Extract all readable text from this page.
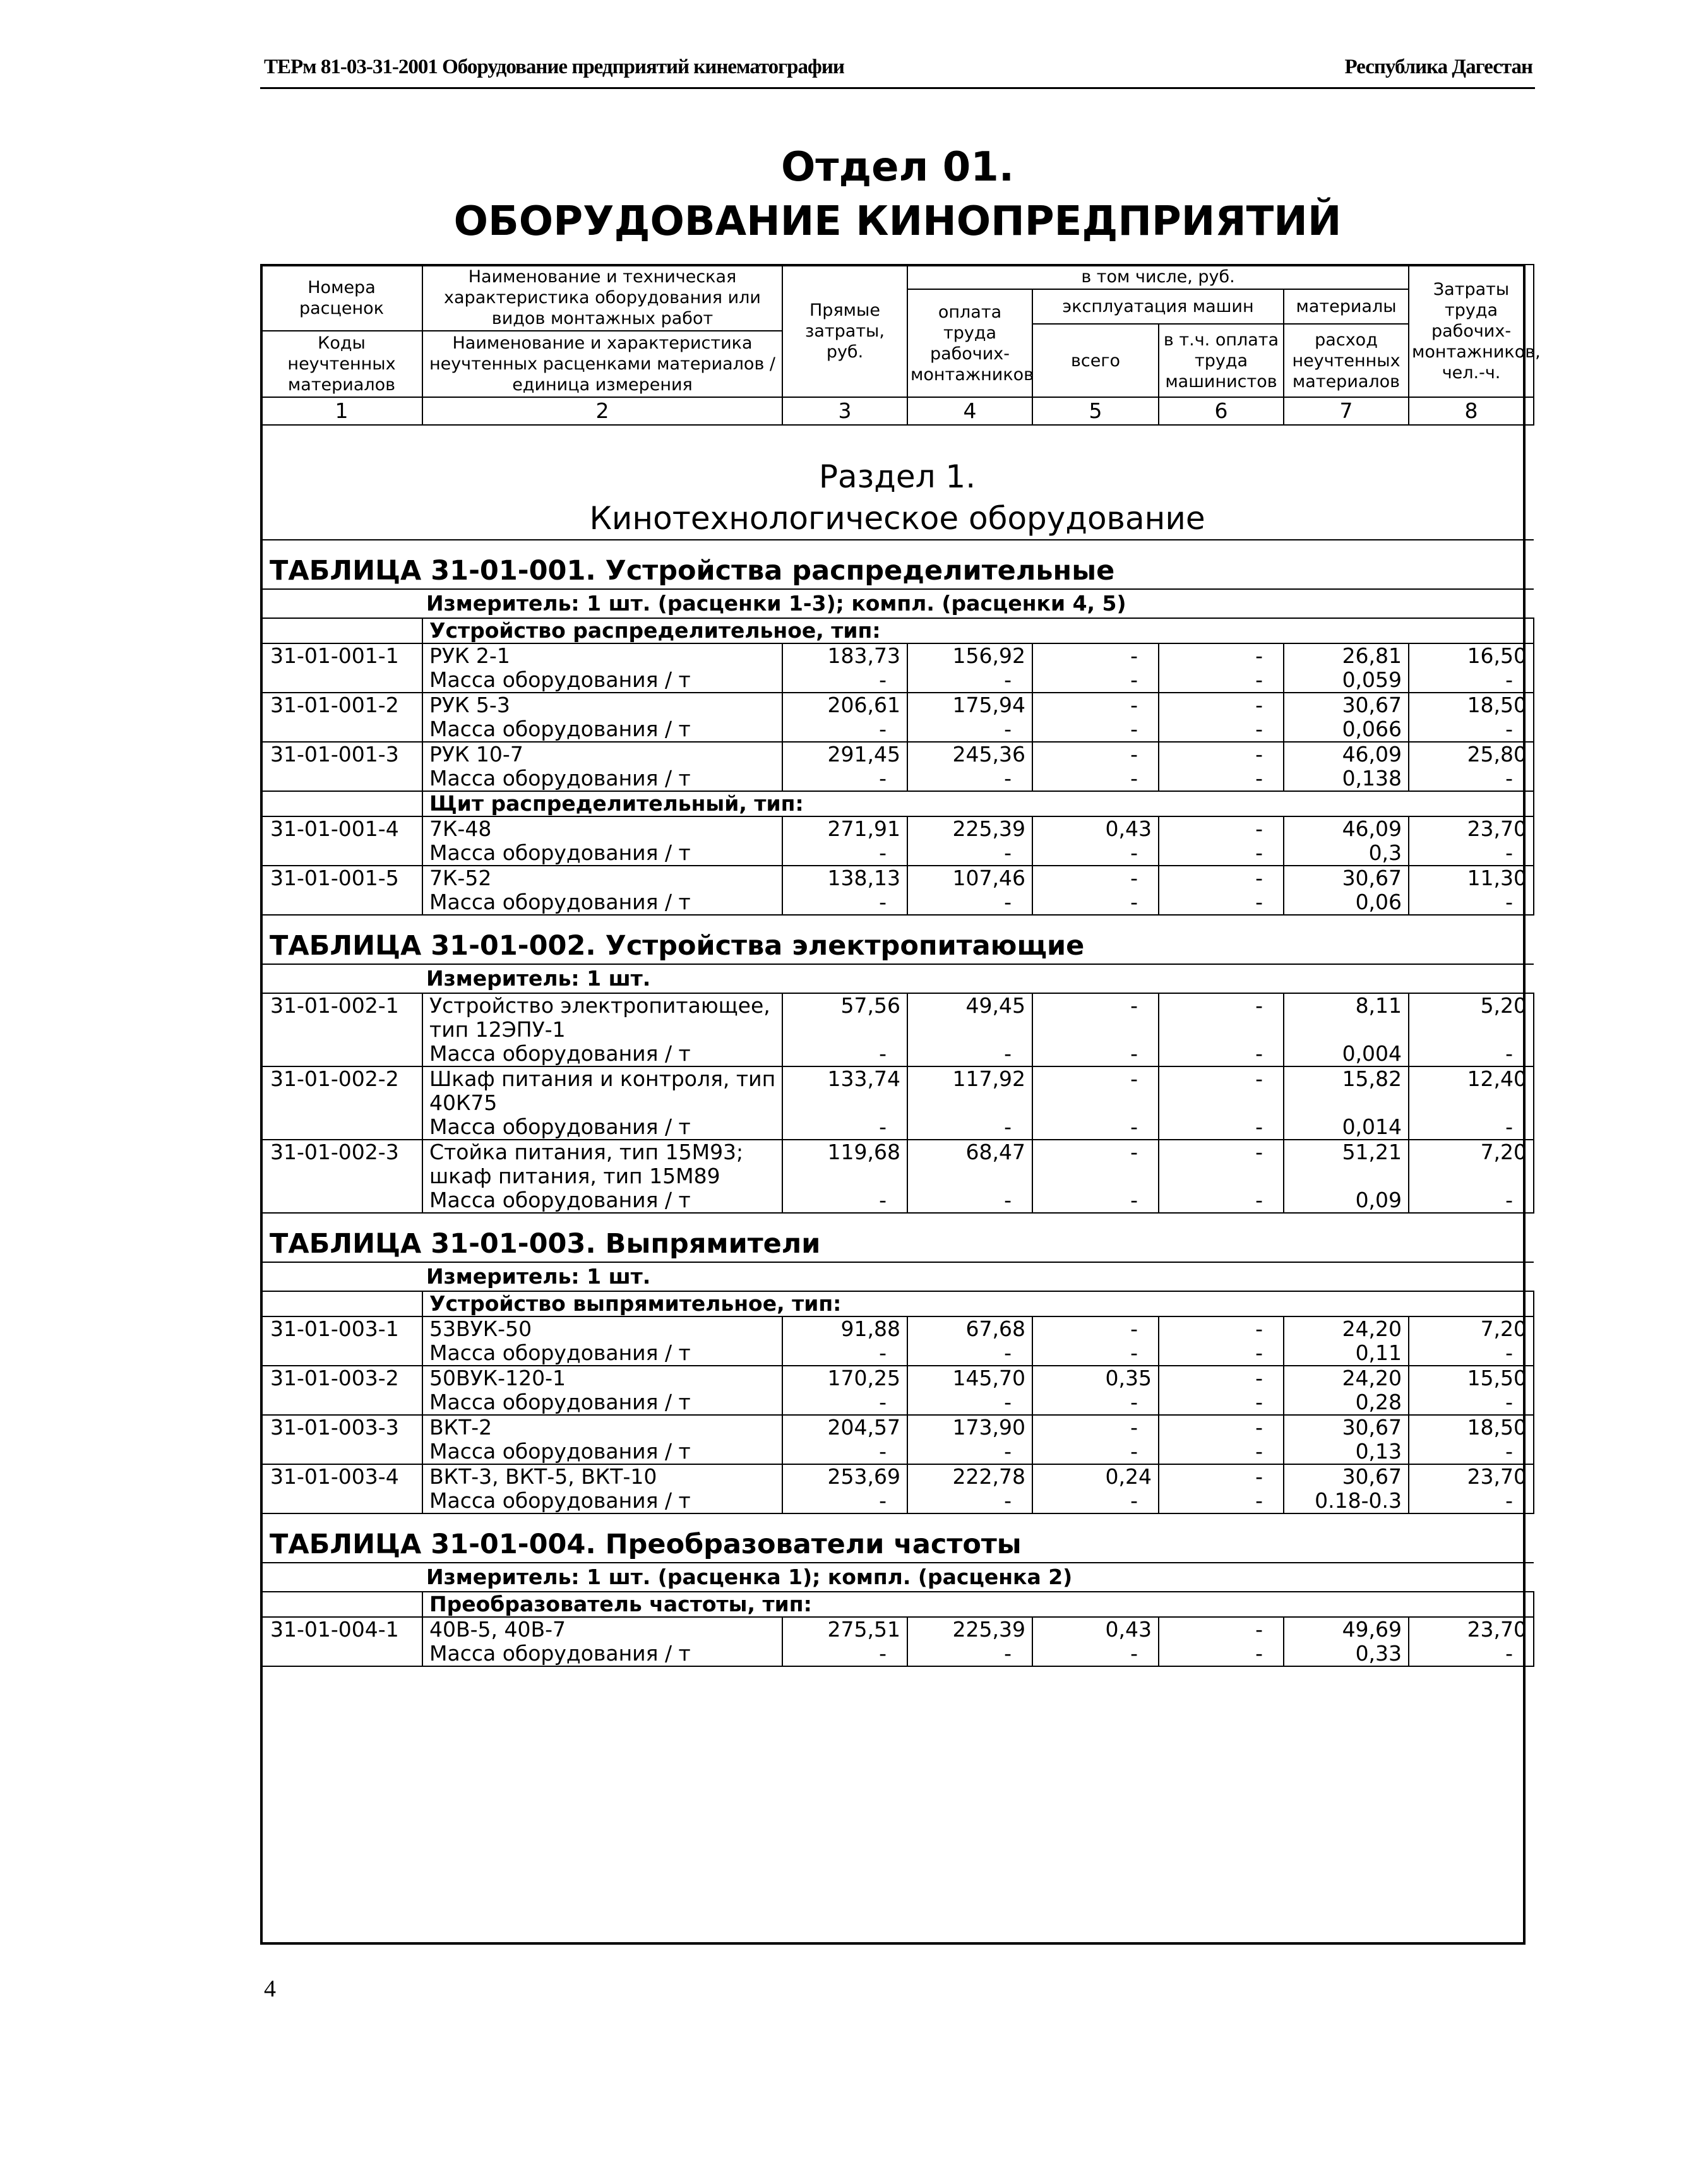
ТЕРм 81-03-31-2001 Оборудование предприятий кинематографии	Республика Дагестан
Отдел 01.
ОБОРУДОВАНИЕ КИНОПРЕДПРИЯТИЙ
Номера расценок	Наименование и техническая характеристика оборудования или видов монтажных работ	Прямые затраты, руб.	в том числе, руб.				Затраты труда рабочих-монтажников, чел.-ч.
			оплата труда рабочих-монтажников	эксплуатация машин		материалы	
				всего	в т.ч. оплата труда машинистов	расход неучтенных материалов	
Коды неучтенных материалов	Наименование и характеристика неучтенных расценками материалов / единица измерения						

1	2	3	4	5	6	7	8

Раздел 1.
Кинотехнологическое оборудование							

ТАБЛИЦА 31-01-001. Устройства распределительные							
Измеритель: 1 шт. (расценки 1-3); компл. (расценки 4, 5)							
	Устройство распределительное, тип:						
31-01-001-1	РУК 2-1	183,73	156,92	-	-	26,81	16,50
	Масса оборудования / т	-	-	-	-	0,059	-
31-01-001-2	РУК 5-3	206,61	175,94	-	-	30,67	18,50
	Масса оборудования / т	-	-	-	-	0,066	-
31-01-001-3	РУК 10-7	291,45	245,36	-	-	46,09	25,80
	Масса оборудования / т	-	-	-	-	0,138	-
	Щит распределительный, тип:						
31-01-001-4	7К-48	271,91	225,39	0,43	-	46,09	23,70
	Масса оборудования / т	-	-	-	-	0,3	-
31-01-001-5	7К-52	138,13	107,46	-	-	30,67	11,30
	Масса оборудования / т	-	-	-	-	0,06	-
ТАБЛИЦА 31-01-002. Устройства электропитающие							
Измеритель: 1 шт.							
31-01-002-1	Устройство электропитающее,	57,56	49,45	-	-	8,11	5,20
	тип 12ЭПУ-1						
	Масса оборудования / т	-	-	-	-	0,004	-
31-01-002-2	Шкаф питания и контроля, тип	133,74	117,92	-	-	15,82	12,40
	40К75						
	Масса оборудования / т	-	-	-	-	0,014	-
31-01-002-3	Стойка питания, тип 15М93;	119,68	68,47	-	-	51,21	7,20
	шкаф питания, тип 15М89						
	Масса оборудования / т	-	-	-	-	0,09	-
ТАБЛИЦА 31-01-003. Выпрямители							
Измеритель: 1 шт.							
	Устройство выпрямительное, тип:						
31-01-003-1	53ВУК-50	91,88	67,68	-	-	24,20	7,20
	Масса оборудования / т	-	-	-	-	0,11	-
31-01-003-2	50ВУК-120-1	170,25	145,70	0,35	-	24,20	15,50
	Масса оборудования / т	-	-	-	-	0,28	-
31-01-003-3	ВКТ-2	204,57	173,90	-	-	30,67	18,50
	Масса оборудования / т	-	-	-	-	0,13	-
31-01-003-4	ВКТ-3, ВКТ-5, ВКТ-10	253,69	222,78	0,24	-	30,67	23,70
	Масса оборудования / т	-	-	-	-	0.18-0.3	-
ТАБЛИЦА 31-01-004. Преобразователи частоты							
Измеритель: 1 шт. (расценка 1); компл. (расценка 2)							
	Преобразователь частоты, тип:						
31-01-004-1	40В-5, 40В-7	275,51	225,39	0,43	-	49,69	23,70
	Масса оборудования / т	-	-	-	-	0,33	-
4
